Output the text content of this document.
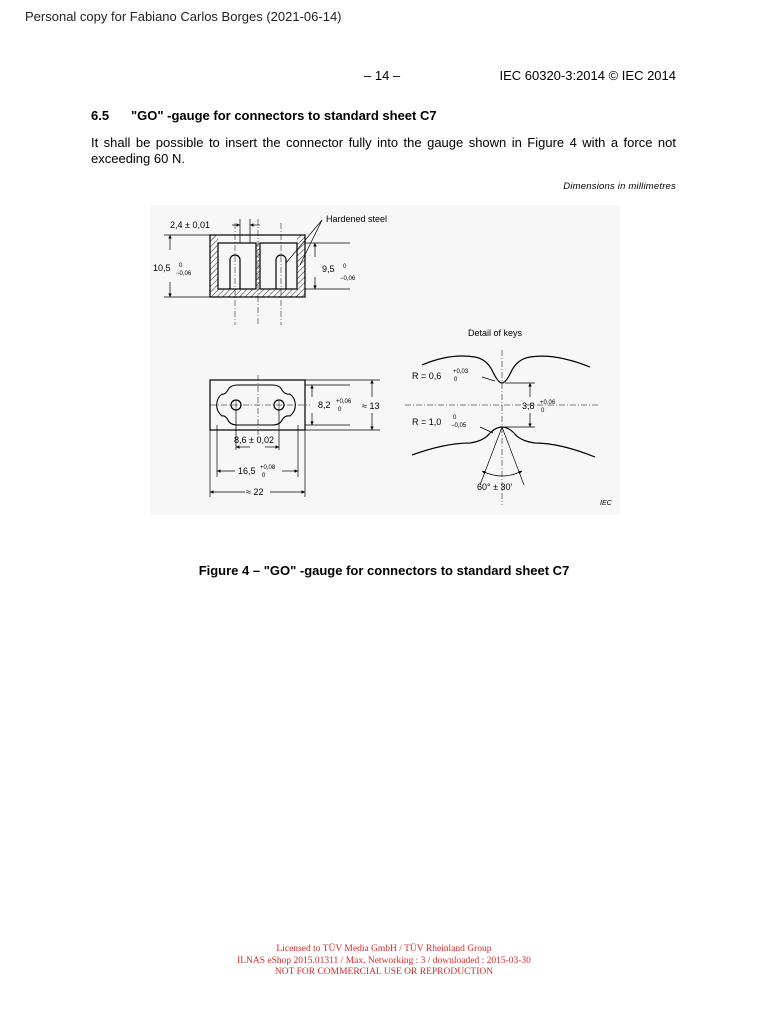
Personal copy for Fabiano Carlos Borges (2021-06-14)
– 14 –	IEC 60320-3:2014 © IEC 2014
6.5 "GO" -gauge for connectors to standard sheet C7
It shall be possible to insert the connector fully into the gauge shown in Figure 4 with a force not exceeding 60 N.
Dimensions in millimetres
2,4 ± 0,01
Hardened steel
10,5 0
−0,06	9,5 0
−0,06
8,2 +0,06
0 ≈ 13
8,6 ± 0,02
16,5 +0,08
0
≈ 22
Detail of keys
R = 0,6 +0,03
0
3,8 +0,06
0
R = 1,0 0
−0,05
60° ± 30′
IEC
Figure 4 – "GO" -gauge for connectors to standard sheet C7
Licensed to TÜV Media GmbH / TÜV Rheinland Group
ILNAS eShop 2015.01311 / Max. Networking : 3 / downloaded : 2015-03-30
NOT FOR COMMERCIAL USE OR REPRODUCTION
